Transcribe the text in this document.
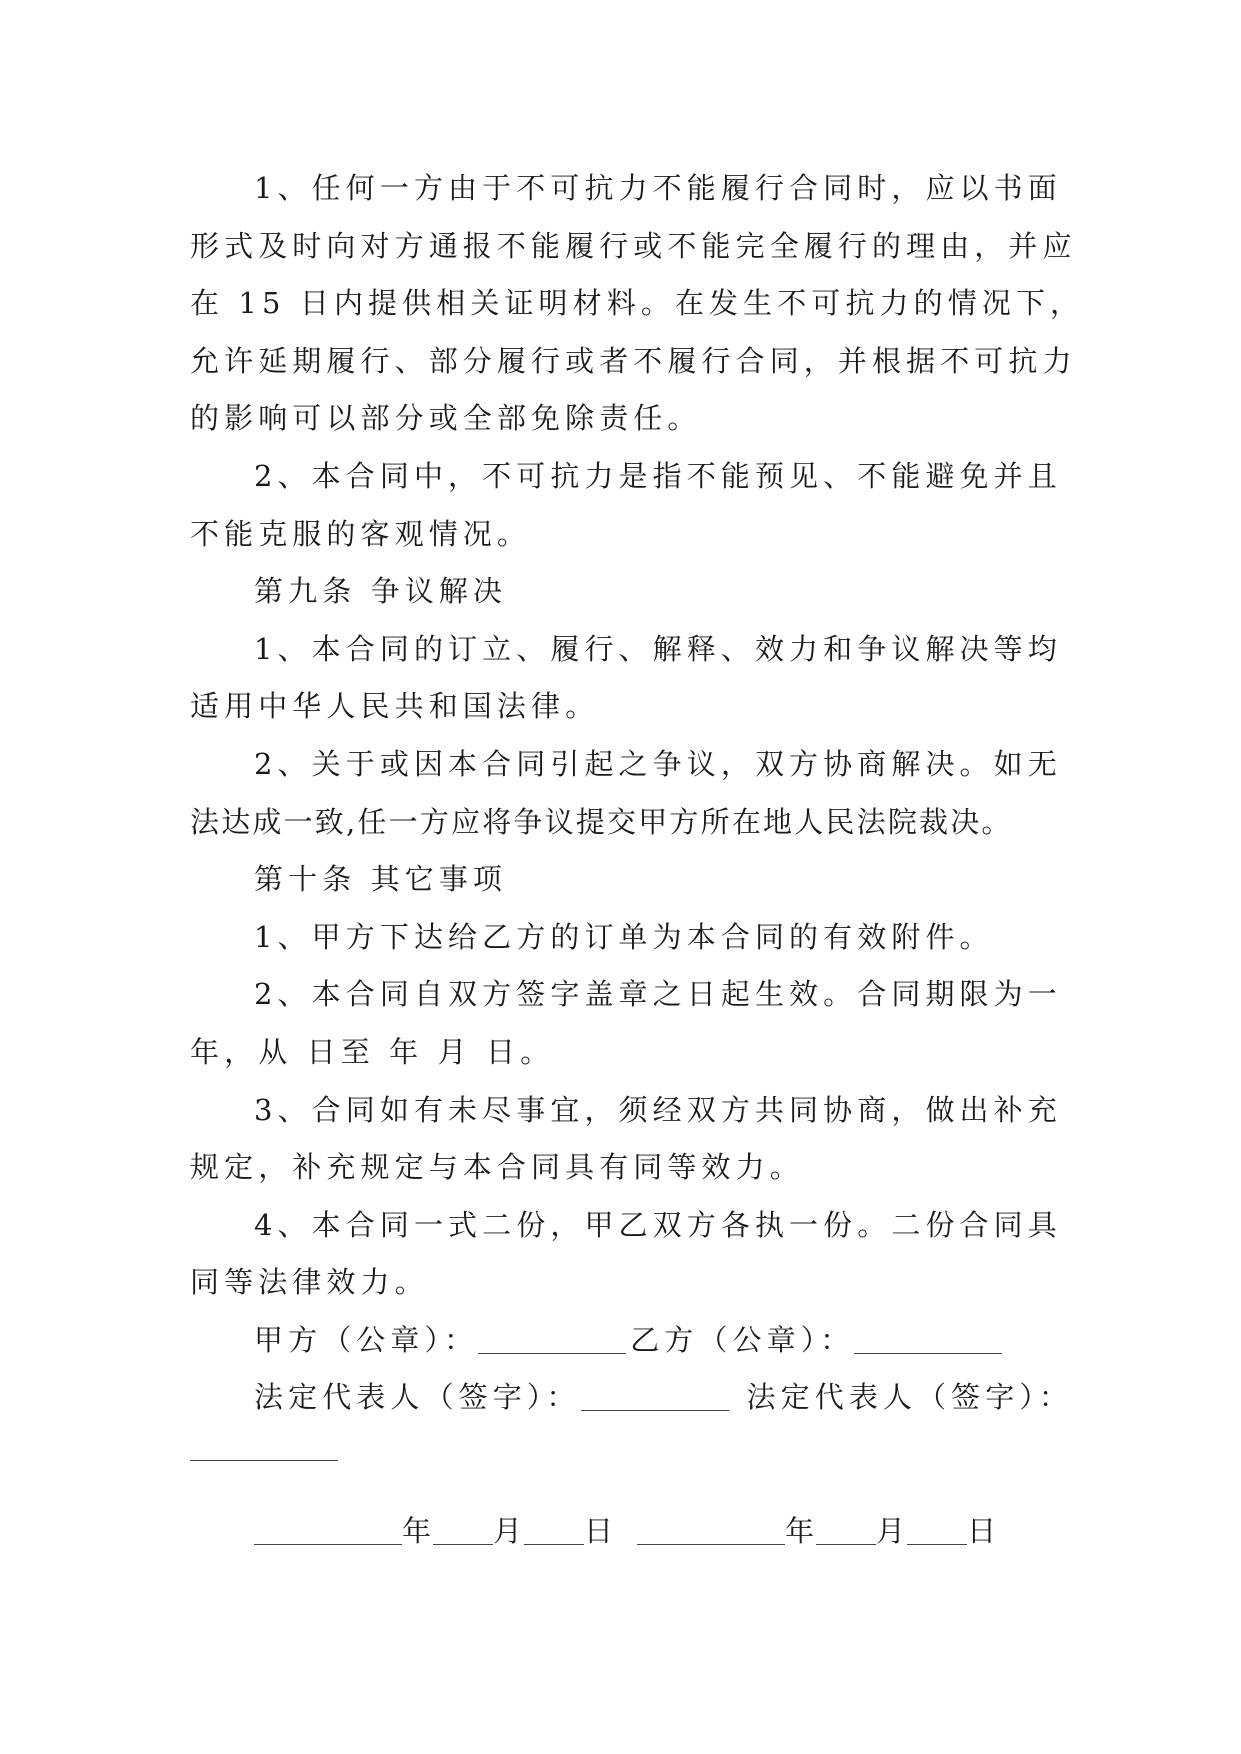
1、任何一方由于不可抗力不能履行合同时，应以书面
形式及时向对方通报不能履行或不能完全履行的理由，并应
在 15 日内提供相关证明材料。在发生不可抗力的情况下，
允许延期履行、部分履行或者不履行合同，并根据不可抗力
的影响可以部分或全部免除责任。
2、本合同中，不可抗力是指不能预见、不能避免并且
不能克服的客观情况。
第九条 争议解决
1、本合同的订立、履行、解释、效力和争议解决等均
适用中华人民共和国法律。
2、关于或因本合同引起之争议，双方协商解决。如无
法达成一致,任一方应将争议提交甲方所在地人民法院裁决。
第十条 其它事项
1、甲方下达给乙方的订单为本合同的有效附件。
2、本合同自双方签字盖章之日起生效。合同期限为一
年，从 日至 年 月 日。
3、合同如有未尽事宜，须经双方共同协商，做出补充
规定，补充规定与本合同具有同等效力。
4、本合同一式二份，甲乙双方各执一份。二份合同具
同等法律效力。
甲方（公章）：	乙方（公章）：
法定代表人（签字）：	法定代表人（签字）：
年 月 日	年 月 日
